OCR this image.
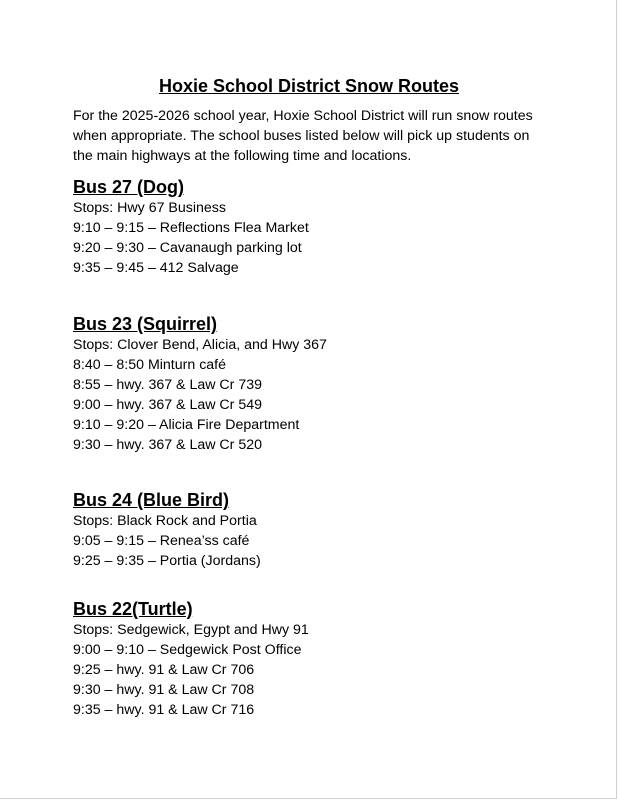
Hoxie School District Snow Routes
For the 2025-2026 school year, Hoxie School District will run snow routes
when appropriate. The school buses listed below will pick up students on
the main highways at the following time and locations.
Bus 27 (Dog)
Stops: Hwy 67 Business
9:10 – 9:15 – Reflections Flea Market
9:20 – 9:30 – Cavanaugh parking lot
9:35 – 9:45 – 412 Salvage
Bus 23 (Squirrel)
Stops: Clover Bend, Alicia, and Hwy 367
8:40 – 8:50 Minturn café
8:55 – hwy. 367 & Law Cr 739
9:00 – hwy. 367 & Law Cr 549
9:10 – 9:20 – Alicia Fire Department
9:30 – hwy. 367 & Law Cr 520
Bus 24 (Blue Bird)
Stops: Black Rock and Portia
9:05 – 9:15 – Renea’ss café
9:25 – 9:35 – Portia (Jordans)
Bus 22(Turtle)
Stops: Sedgewick, Egypt and Hwy 91
9:00 – 9:10 – Sedgewick Post Office
9:25 – hwy. 91 & Law Cr 706
9:30 – hwy. 91 & Law Cr 708
9:35 – hwy. 91 & Law Cr 716
